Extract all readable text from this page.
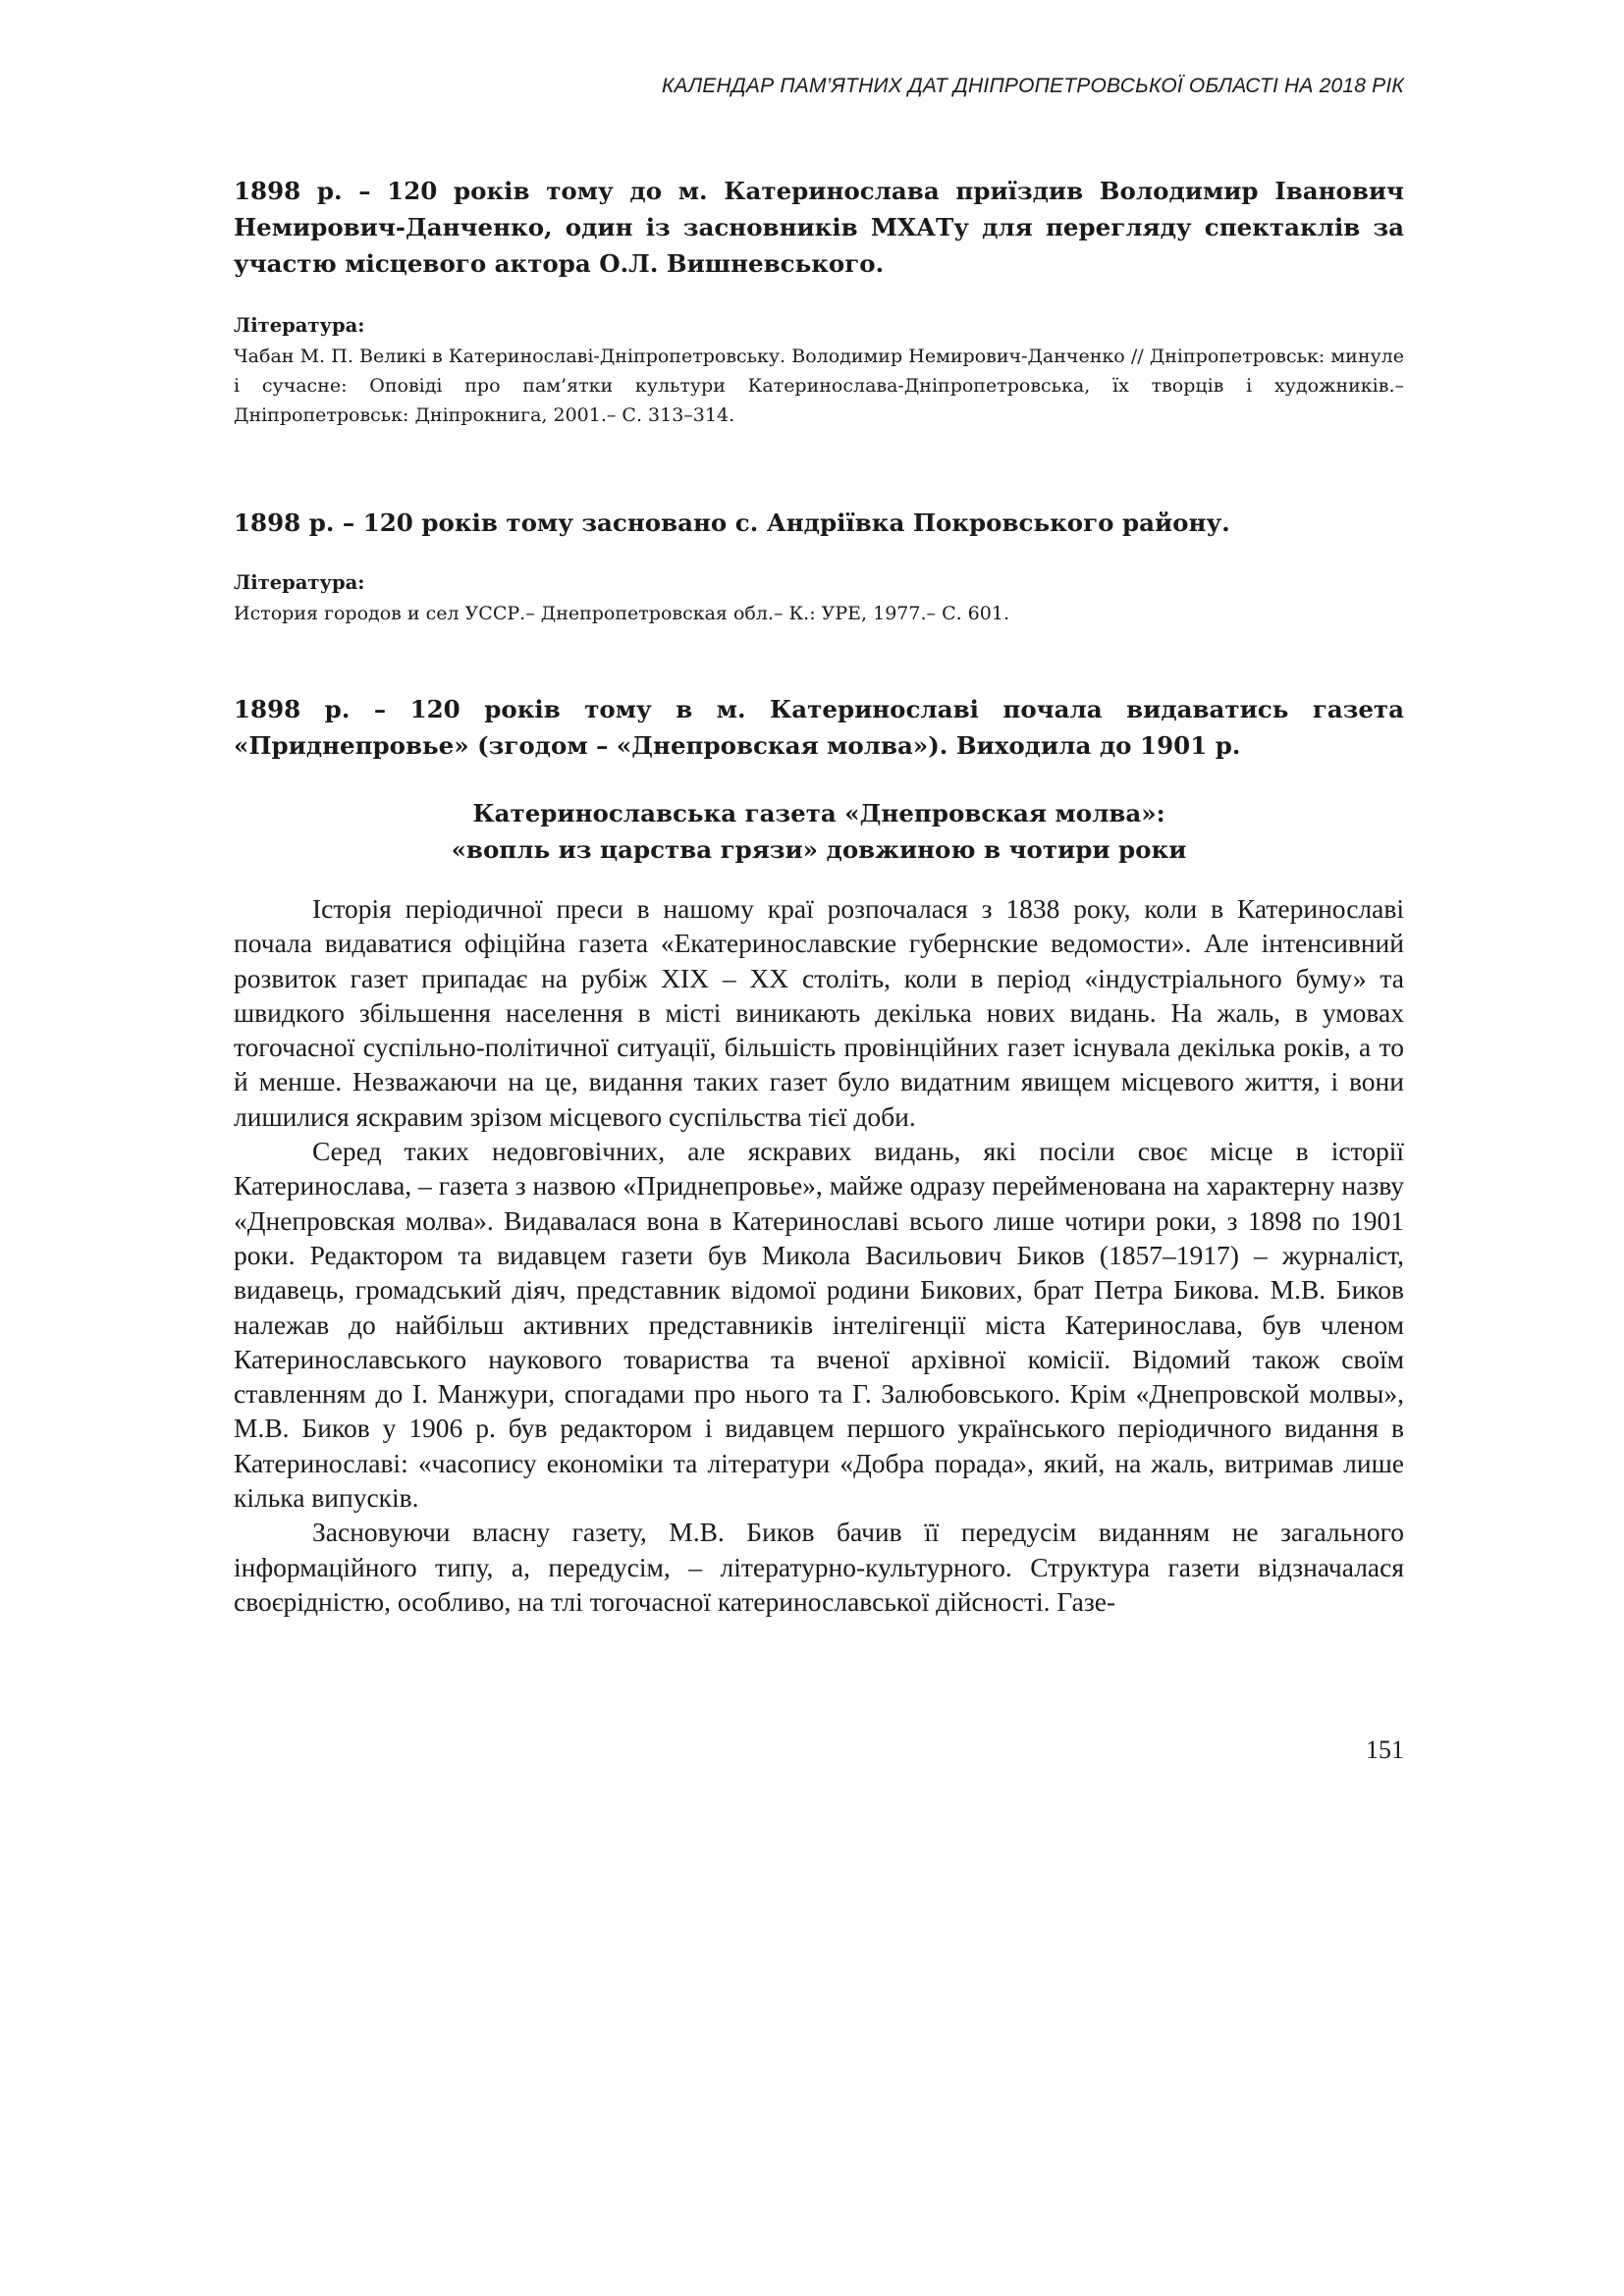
КАЛЕНДАР ПАМ’ЯТНИХ ДАТ ДНІПРОПЕТРОВСЬКОЇ ОБЛАСТІ НА 2018 РІК
1898 р. – 120 років тому до м. Катеринослава приїздив Володимир Іванович Немирович-Данченко, один із засновників МХАТу для перегляду спектаклів за участю місцевого актора О.Л. Вишневського.
Література:
Чабан М. П. Великі в Катеринославі-Дніпропетровську. Володимир Немирович-Данченко // Дніпропетровськ: минуле і сучасне: Оповіді про пам’ятки культури Катеринослава-Дніпропетровська, їх творців і художників.– Дніпропетровськ: Дніпрокнига, 2001.– С. 313–314.
1898 р. – 120 років тому засновано с. Андріївка Покровського району.
Література:
История городов и сел УССР.– Днепропетровская обл.– К.: УРЕ, 1977.– С. 601.
1898 р. – 120 років тому в м. Катеринославі почала видаватись газета «Приднепровье» (згодом – «Днепровская молва»). Виходила до 1901 р.
Катеринославська газета «Днепровская молва»:
«вопль из царства грязи» довжиною в чотири роки

Історія періодичної преси в нашому краї розпочалася з 1838 року, коли в Катеринославі почала видаватися офіційна газета «Екатеринославские губернские ведомости». Але інтенсивний розвиток газет припадає на рубіж XIX – XX століть, коли в період «індустріального буму» та швидкого збільшення населення в місті виникають декілька нових видань. На жаль, в умовах тогочасної суспільно-політичної ситуації, більшість провінційних газет існувала декілька років, а то й менше. Незважаючи на це, видання таких газет було видатним явищем місцевого життя, і вони лишилися яскравим зрізом місцевого суспільства тієї доби.

Серед таких недовговічних, але яскравих видань, які посіли своє місце в історії Катеринослава, – газета з назвою «Приднепровье», майже одразу перейменована на характерну назву «Днепровская молва». Видавалася вона в Катеринославі всього лише чотири роки, з 1898 по 1901 роки. Редактором та видавцем газети був Микола Васильович Биков (1857–1917) – журналіст, видавець, громадський діяч, представник відомої родини Бикових, брат Петра Бикова. М.В. Биков належав до найбільш активних представників інтелігенції міста Катеринослава, був членом Катеринославського наукового товариства та вченої архівної комісії. Відомий також своїм ставленням до І. Манжури, спогадами про нього та Г. Залюбовського. Крім «Днепровской молвы», М.В. Биков у 1906 р. був редактором і видавцем першого українського періодичного видання в Катеринославі: «часопису економіки та літератури «Добра порада», який, на жаль, витримав лише кілька випусків.

Засновуючи власну газету, М.В. Биков бачив її передусім виданням не загального інформаційного типу, а, передусім, – літературно-культурного. Структура газети відзначалася своєрідністю, особливо, на тлі тогочасної катеринославської дійсності. Газе-

151
